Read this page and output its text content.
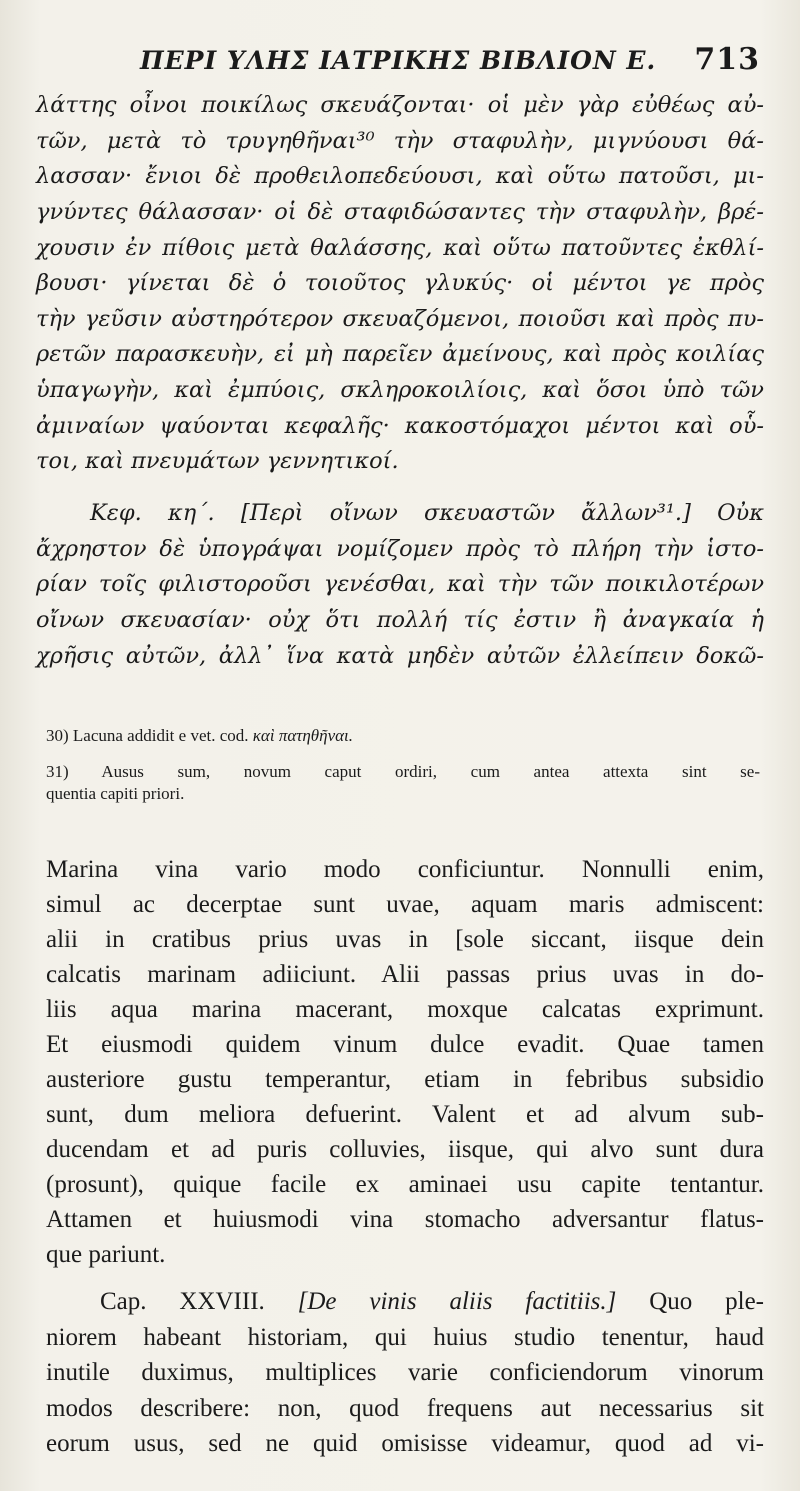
ΠΕΡΙ ΥΛΗΣ ΙΑΤΡΙΚΗΣ ΒΙΒΛΙΟΝ Ε. 713
λάττης οἶνοι ποικίλως σκευάζονται· οἱ μὲν γὰρ εὐθέως αὐ-
τῶν, μετὰ τὸ τρυγηθῆναι³⁰ τὴν σταφυλὴν, μιγνύουσι θά-
λασσαν· ἔνιοι δὲ προθειλοπεδεύουσι, καὶ οὕτω πατοῦσι, μι-
γνύντες θάλασσαν· οἱ δὲ σταφιδώσαντες τὴν σταφυλὴν, βρέ-
χουσιν ἐν πίθοις μετὰ θαλάσσης, καὶ οὕτω πατοῦντες ἐκθλί-
βουσι· γίνεται δὲ ὁ τοιοῦτος γλυκύς· οἱ μέντοι γε πρὸς
τὴν γεῦσιν αὐστηρότερον σκευαζόμενοι, ποιοῦσι καὶ πρὸς πυ-
ρετῶν παρασκευὴν, εἰ μὴ παρεῖεν ἀμείνους, καὶ πρὸς κοιλίας
ὑπαγωγὴν, καὶ ἐμπύοις, σκληροκοιλίοις, καὶ ὅσοι ὑπὸ τῶν
ἀμιναίων ψαύονται κεφαλῆς· κακοστόμαχοι μέντοι καὶ οὗ-
τοι, καὶ πνευμάτων γεννητικοί.
Κεφ. κη΄. [Περὶ οἴνων σκευαστῶν ἄλλων³¹.] Οὐκ
ἄχρηστον δὲ ὑπογράψαι νομίζομεν πρὸς τὸ πλήρη τὴν ἱστο-
ρίαν τοῖς φιλιστοροῦσι γενέσθαι, καὶ τὴν τῶν ποικιλοτέρων
οἴνων σκευασίαν· οὐχ ὅτι πολλή τίς ἐστιν ἢ ἀναγκαία ἡ
χρῆσις αὐτῶν, ἀλλ᾽ ἵνα κατὰ μηδὲν αὐτῶν ἐλλείπειν δοκῶ-
30) Lacuna addidit e vet. cod. καὶ πατηθῆναι.
31) Ausus sum, novum caput ordiri, cum antea attexta sint se-
quentia capiti priori.
Marina vina vario modo conficiuntur. Nonnulli enim,
simul ac decerptae sunt uvae, aquam maris admiscent:
alii in cratibus prius uvas in [sole siccant, iisque dein
calcatis marinam adiiciunt. Alii passas prius uvas in do-
liis aqua marina macerant, moxque calcatas exprimunt.
Et eiusmodi quidem vinum dulce evadit. Quae tamen
austeriore gustu temperantur, etiam in febribus subsidio
sunt, dum meliora defuerint. Valent et ad alvum sub-
ducendam et ad puris colluvies, iisque, qui alvo sunt dura
(prosunt), quique facile ex aminaei usu capite tentantur.
Attamen et huiusmodi vina stomacho adversantur flatus-
que pariunt.
Cap. XXVIII. [De vinis aliis factitiis.] Quo ple-
niorem habeant historiam, qui huius studio tenentur, haud
inutile duximus, multiplices varie conficiendorum vinorum
modos describere: non, quod frequens aut necessarius sit
eorum usus, sed ne quid omisisse videamur, quod ad vi-
